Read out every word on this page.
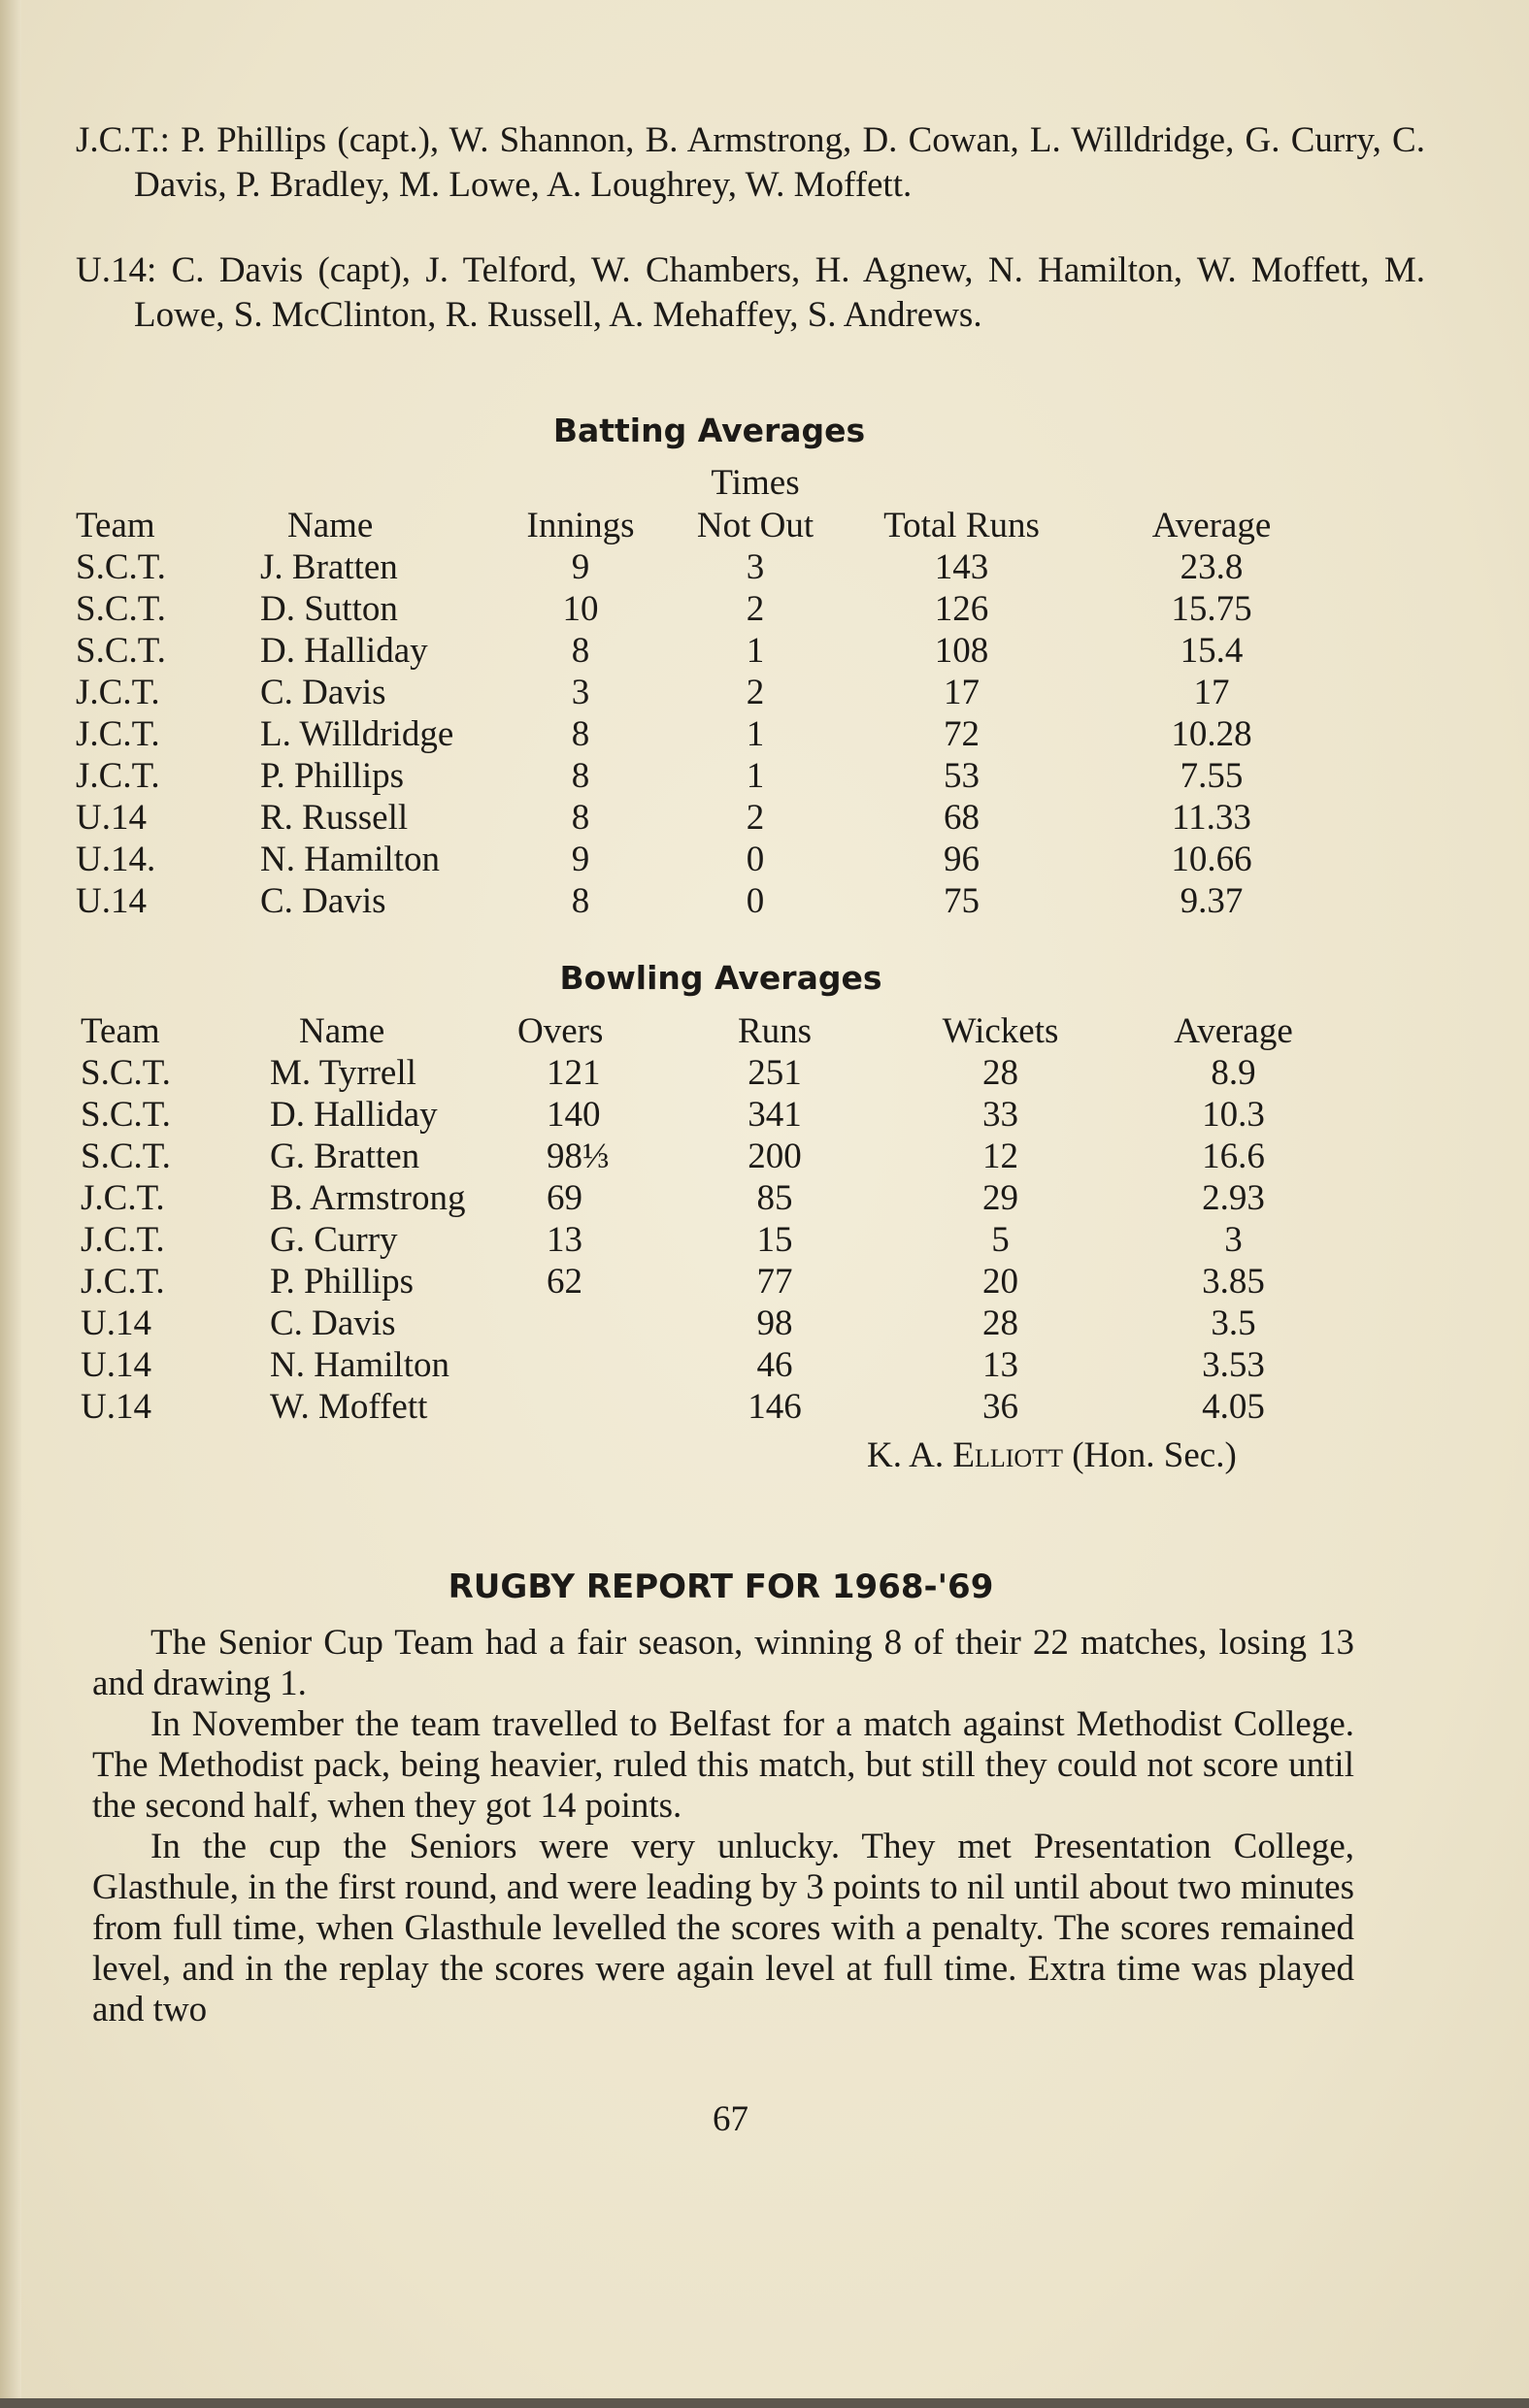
J.C.T.: P. Phillips (capt.), W. Shannon, B. Armstrong, D. Cowan, L. Willdridge, G. Curry, C. Davis, P. Bradley, M. Lowe, A. Loughrey, W. Moffett.
U.14: C. Davis (capt), J. Telford, W. Chambers, H. Agnew, N. Hamilton, W. Moffett, M. Lowe, S. McClinton, R. Russell, A. Mehaffey, S. Andrews.
Batting Averages
			Times		
Team	Name	Innings	Not Out	Total Runs	Average
S.C.T.	J. Bratten	9	3	143	23.8
S.C.T.	D. Sutton	10	2	126	15.75
S.C.T.	D. Halliday	8	1	108	15.4
J.C.T.	C. Davis	3	2	17	17
J.C.T.	L. Willdridge	8	1	72	10.28
J.C.T.	P. Phillips	8	1	53	7.55
U.14	R. Russell	8	2	68	11.33
U.14.	N. Hamilton	9	0	96	10.66
U.14	C. Davis	8	0	75	9.37
Bowling Averages
Team	Name	Overs	Runs	Wickets	Average
S.C.T.	M. Tyrrell	121	251	28	8.9
S.C.T.	D. Halliday	140	341	33	10.3
S.C.T.	G. Bratten	98⅓	200	12	16.6
J.C.T.	B. Armstrong	69	85	29	2.93
J.C.T.	G. Curry	13	15	5	3
J.C.T.	P. Phillips	62	77	20	3.85
U.14	C. Davis		98	28	3.5
U.14	N. Hamilton		46	13	3.53
U.14	W. Moffett		146	36	4.05
K. A. Elliott (Hon. Sec.)
RUGBY REPORT FOR 1968-'69

The Senior Cup Team had a fair season, winning 8 of their 22 matches, losing 13 and drawing 1.

In November the team travelled to Belfast for a match against Methodist College. The Methodist pack, being heavier, ruled this match, but still they could not score until the second half, when they got 14 points.

In the cup the Seniors were very unlucky. They met Presentation College, Glasthule, in the first round, and were leading by 3 points to nil until about two minutes from full time, when Glasthule levelled the scores with a penalty. The scores remained level, and in the replay the scores were again level at full time. Extra time was played and two

67
